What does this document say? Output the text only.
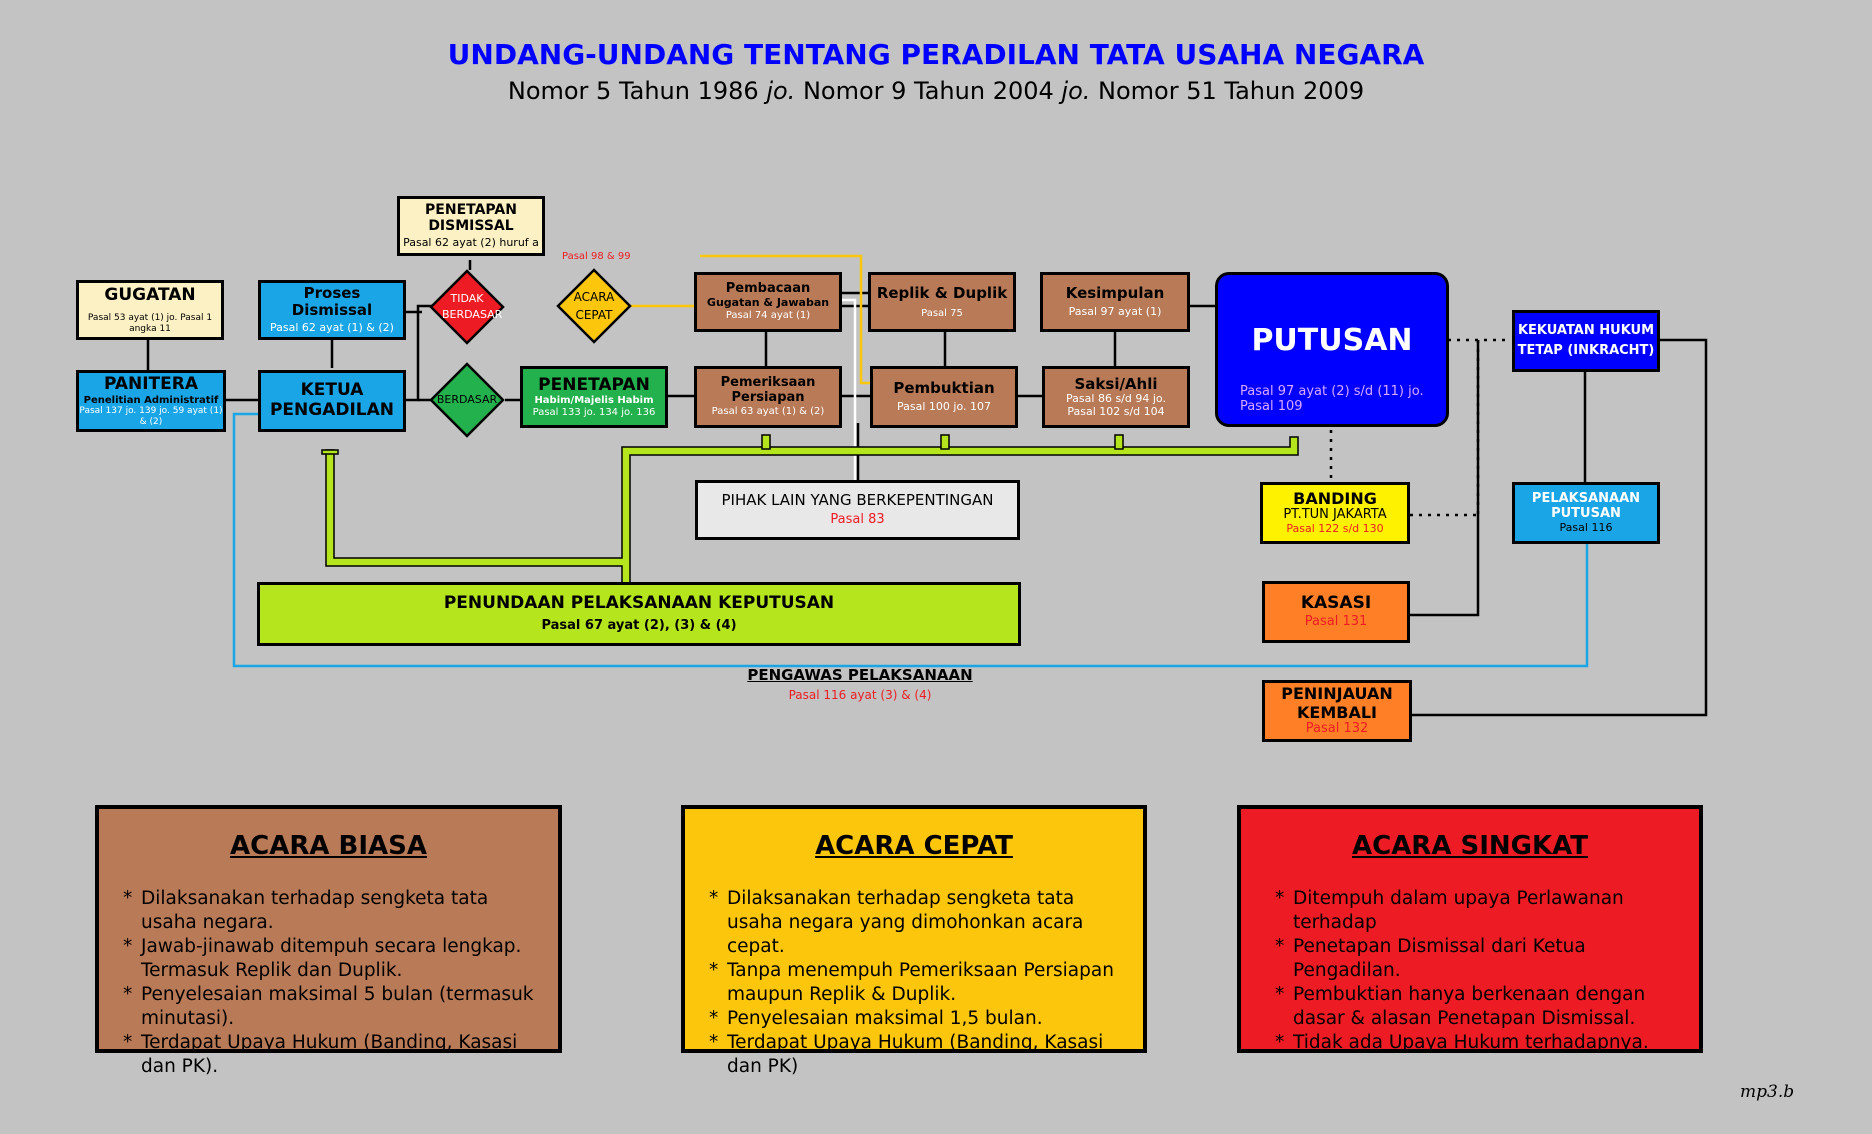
UNDANG-UNDANG TENTANG PERADILAN TATA USAHA NEGARA
Nomor 5 Tahun 1986 jo. Nomor 9 Tahun 2004 jo. Nomor 51 Tahun 2009
PENETAPAN DISMISSAL
Pasal 62 ayat (2) huruf a
GUGATAN
Pasal 53 ayat (1) jo. Pasal 1 angka 11
Proses Dismissal
Pasal 62 ayat (1) & (2)
PANITERA
Penelitian Administratif
Pasal 137 jo. 139 jo. 59 ayat (1) & (2)
KETUA PENGADILAN
TIDAK BERDASAR
BERDASAR
Pasal 98 & 99
ACARA CEPAT
PENETAPAN
Habim/Majelis Habim
Pasal 133 jo. 134 jo. 136
Pembacaan
Gugatan & Jawaban
Pasal 74 ayat (1)
Pemeriksaan Persiapan
Pasal 63 ayat (1) & (2)
Replik & Duplik
Pasal 75
Pembuktian
Pasal 100 jo. 107
Kesimpulan
Pasal 97 ayat (1)
Saksi/Ahli
Pasal 86 s/d 94 jo.
Pasal 102 s/d 104
PUTUSAN
Pasal 97 ayat (2) s/d (11) jo.
Pasal 109
KEKUATAN HUKUM TETAP (INKRACHT)
PELAKSANAAN PUTUSAN
Pasal 116
BANDING
PT.TUN JAKARTA
Pasal 122 s/d 130
KASASI
Pasal 131
PENINJAUAN KEMBALI
Pasal 132
PIHAK LAIN YANG BERKEPENTINGAN
Pasal 83
PENUNDAAN PELAKSANAAN KEPUTUSAN
Pasal 67 ayat (2), (3) & (4)
PENGAWAS PELAKSANAAN
Pasal 116 ayat (3) & (4)
ACARA BIASA
* Dilaksanakan terhadap sengketa tata usaha negara.
* Jawab-jinawab ditempuh secara lengkap. Termasuk Replik dan Duplik.
* Penyelesaian maksimal 5 bulan (termasuk minutasi).
* Terdapat Upaya Hukum (Banding, Kasasi dan PK).
ACARA CEPAT
* Dilaksanakan terhadap sengketa tata usaha negara yang dimohonkan acara cepat.
* Tanpa menempuh Pemeriksaan Persiapan maupun Replik & Duplik.
* Penyelesaian maksimal 1,5 bulan.
* Terdapat Upaya Hukum (Banding, Kasasi dan PK)
ACARA SINGKAT
* Ditempuh dalam upaya Perlawanan terhadap
* Penetapan Dismissal dari Ketua Pengadilan.
* Pembuktian hanya berkenaan dengan dasar & alasan Penetapan Dismissal.
* Tidak ada Upaya Hukum terhadapnya.
mp3.b
